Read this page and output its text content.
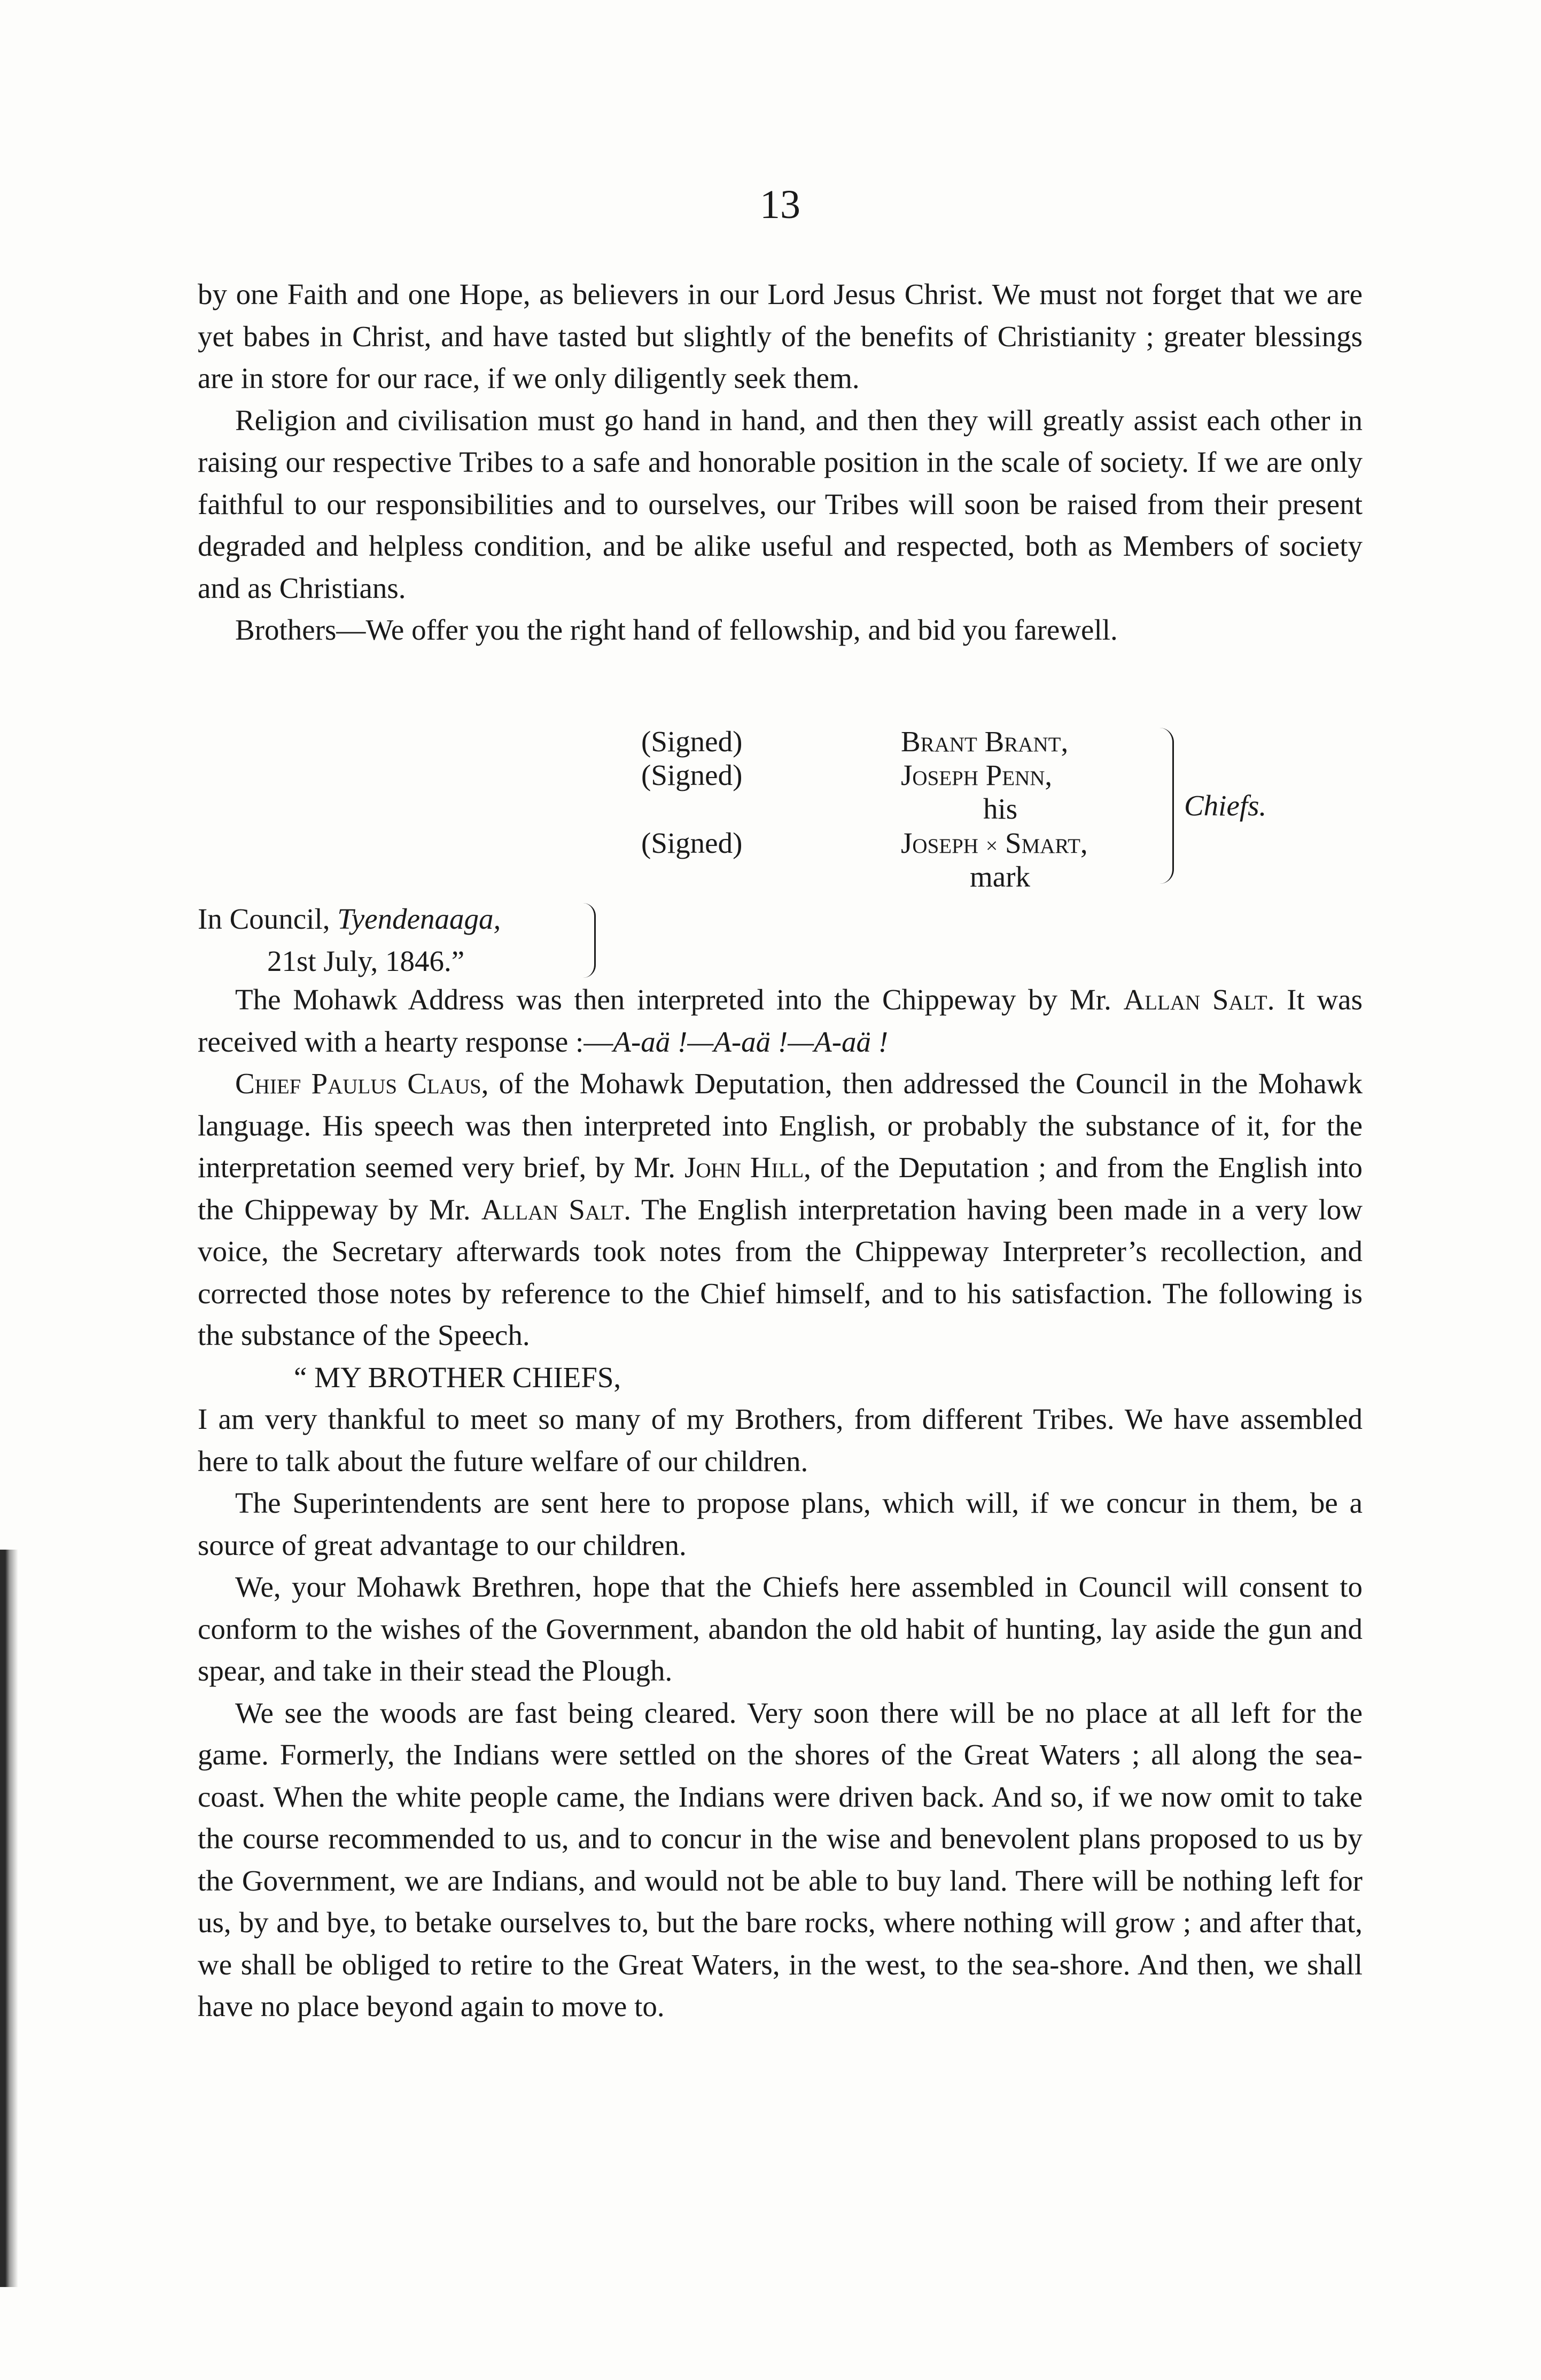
13

by one Faith and one Hope, as believers in our Lord Jesus Christ. We must not forget that we are yet babes in Christ, and have tasted but slightly of the benefits of Christianity ; greater blessings are in store for our race, if we only diligently seek them.

Religion and civilisation must go hand in hand, and then they will greatly assist each other in raising our respective Tribes to a safe and honorable position in the scale of society. If we are only faithful to our responsibilities and to ourselves, our Tribes will soon be raised from their present degraded and helpless condition, and be alike useful and respected, both as Members of society and as Christians.

Brothers—We offer you the right hand of fellowship, and bid you farewell.

(Signed)
(Signed)
(Signed)
Brant Brant,
Joseph Penn,
his
Joseph × Smart,
mark
Chiefs.
In Council, Tyendenaaga,
21st July, 1846.”

The Mohawk Address was then interpreted into the Chippeway by Mr. Allan Salt. It was received with a hearty response :—A-aä !—A-aä !—A-aä !

Chief Paulus Claus, of the Mohawk Deputation, then addressed the Council in the Mohawk language. His speech was then interpreted into English, or probably the substance of it, for the interpretation seemed very brief, by Mr. John Hill, of the Deputation ; and from the English into the Chippeway by Mr. Allan Salt. The English interpretation having been made in a very low voice, the Secretary afterwards took notes from the Chippeway Interpreter’s recollection, and corrected those notes by reference to the Chief himself, and to his satisfaction. The following is the substance of the Speech.

“ MY BROTHER CHIEFS,

I am very thankful to meet so many of my Brothers, from different Tribes. We have assembled here to talk about the future welfare of our children.

The Superintendents are sent here to propose plans, which will, if we concur in them, be a source of great advantage to our children.

We, your Mohawk Brethren, hope that the Chiefs here assembled in Council will consent to conform to the wishes of the Government, abandon the old habit of hunting, lay aside the gun and spear, and take in their stead the Plough.

We see the woods are fast being cleared. Very soon there will be no place at all left for the game. Formerly, the Indians were settled on the shores of the Great Waters ; all along the sea-coast. When the white people came, the Indians were driven back. And so, if we now omit to take the course recommended to us, and to concur in the wise and benevolent plans proposed to us by the Government, we are Indians, and would not be able to buy land. There will be nothing left for us, by and bye, to betake ourselves to, but the bare rocks, where nothing will grow ; and after that, we shall be obliged to retire to the Great Waters, in the west, to the sea-shore. And then, we shall have no place beyond again to move to.
